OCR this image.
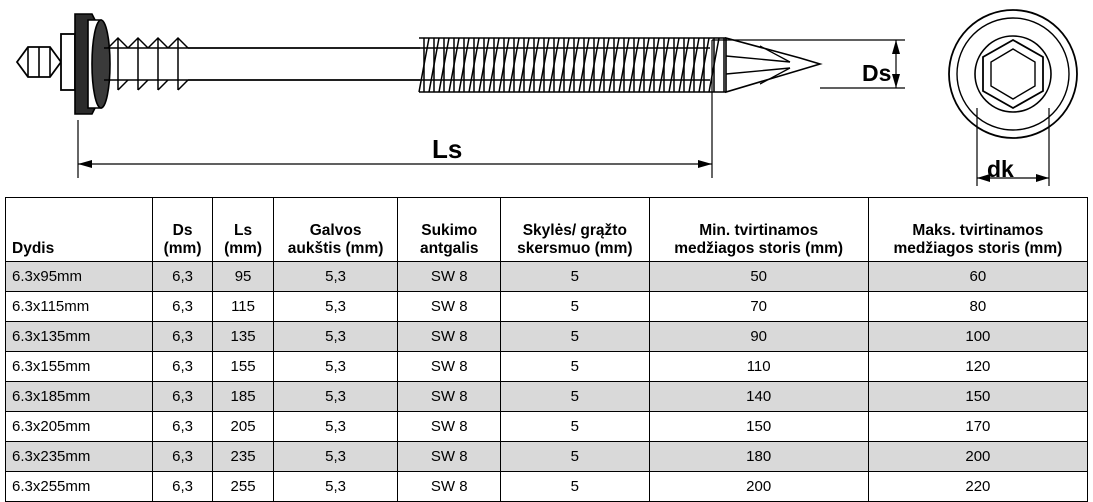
Ls
Ds
dk
Dydis

Ds
(mm)

Ls
(mm)

Galvos
aukštis (mm)

Sukimo
antgalis

Skylės/ grąžto
skersmuo (mm)

Min. tvirtinamos
medžiagos storis (mm)

Maks. tvirtinamos
medžiagos storis (mm)

6.3x95mm	6,3	95	5,3	SW 8	5	50	60
6.3x115mm	6,3	115	5,3	SW 8	5	70	80
6.3x135mm	6,3	135	5,3	SW 8	5	90	100
6.3x155mm	6,3	155	5,3	SW 8	5	110	120
6.3x185mm	6,3	185	5,3	SW 8	5	140	150
6.3x205mm	6,3	205	5,3	SW 8	5	150	170
6.3x235mm	6,3	235	5,3	SW 8	5	180	200
6.3x255mm	6,3	255	5,3	SW 8	5	200	220
